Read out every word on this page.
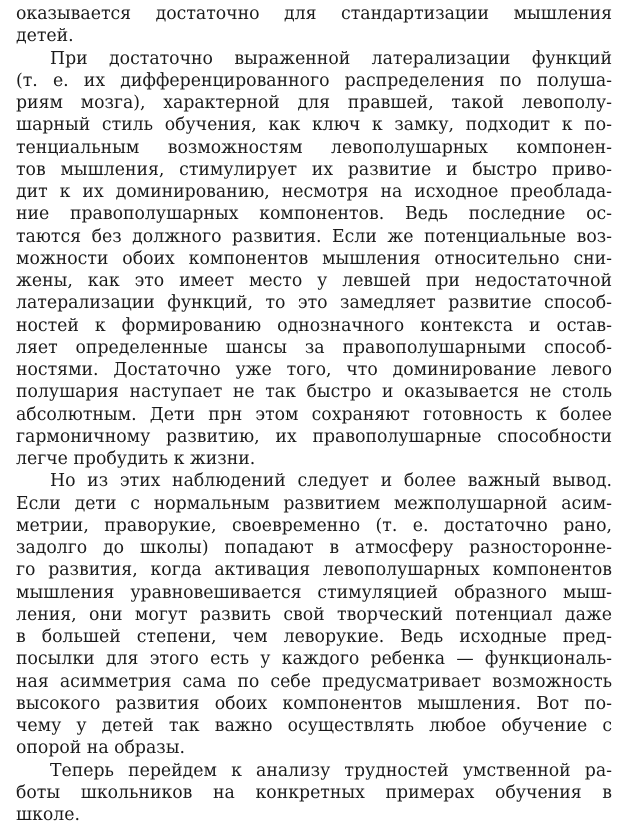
оказывается достаточно для стандартизации мышления
детей.
При достаточно выраженной латерализации функций
(т. е. их дифференцированного распределения по полуша-
риям мозга), характерной для правшей, такой левополу-
шарный стиль обучения, как ключ к замку, подходит к по-
тенциальным возможностям левополушарных компонен-
тов мышления, стимулирует их развитие и быстро приво-
дит к их доминированию, несмотря на исходное преоблада-
ние правополушарных компонентов. Ведь последние ос-
таются без должного развития. Если же потенциальные воз-
можности обоих компонентов мышления относительно сни-
жены, как это имеет место у левшей при недостаточной
латерализации функций, то это замедляет развитие способ-
ностей к формированию однозначного контекста и остав-
ляет определенные шансы за правополушарными способ-
ностями. Достаточно уже того, что доминирование левого
полушария наступает не так быстро и оказывается не столь
абсолютным. Дети прн этом сохраняют готовность к более
гармоничному развитию, их правополушарные способности
легче пробудить к жизни.
Но из этих наблюдений следует и более важный вывод.
Если дети с нормальным развитием межполушарной асим-
метрии, праворукие, своевременно (т. е. достаточно рано,
задолго до школы) попадают в атмосферу разносторонне-
го развития, когда активация левополушарных компонентов
мышления уравновешивается стимуляцией образного мыш-
ления, они могут развить свой творческий потенциал даже
в большей степени, чем леворукие. Ведь исходные пред-
посылки для этого есть у каждого ребенка — функциональ-
ная асимметрия сама по себе предусматривает возможность
высокого развития обоих компонентов мышления. Вот по-
чему у детей так важно осуществлять любое обучение с
опорой на образы.
Теперь перейдем к анализу трудностей умственной ра-
боты школьников на конкретных примерах обучения в
школе.
